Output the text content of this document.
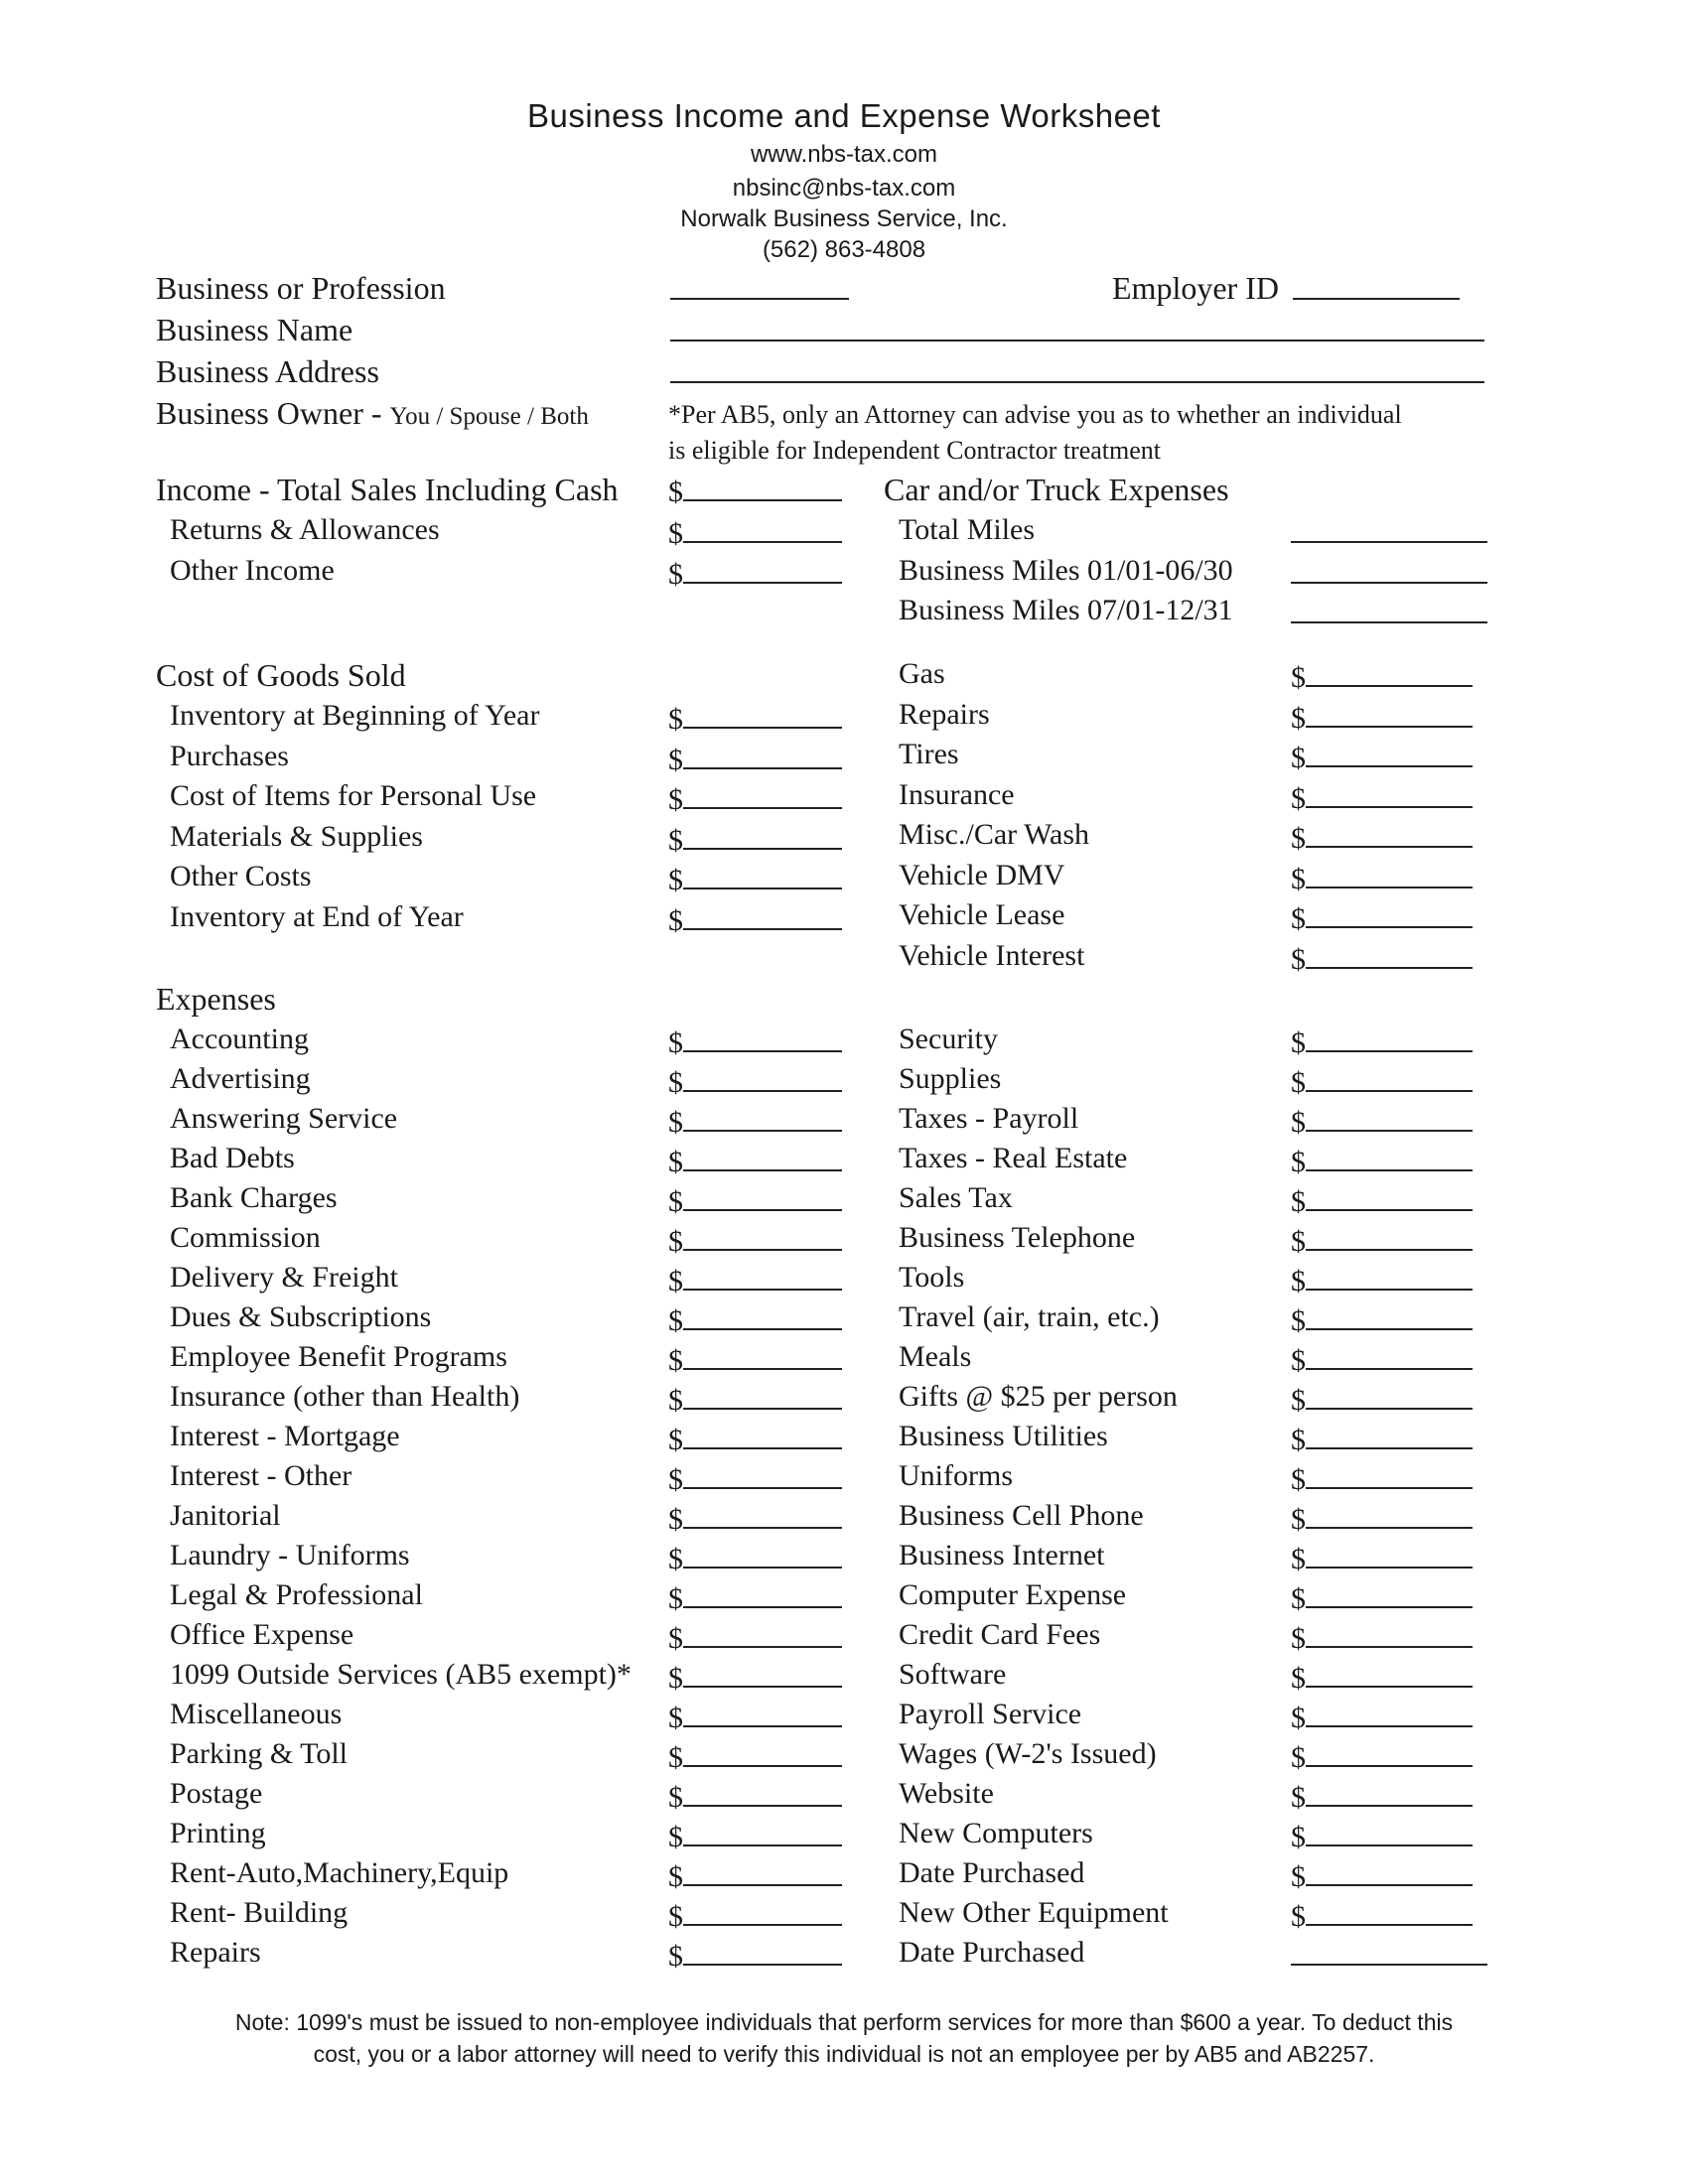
Business Income and Expense Worksheet
www.nbs-tax.com
nbsinc@nbs-tax.com
Norwalk Business Service, Inc.
(562) 863-4808
Business or Profession	Employer ID
Business Name
Business Address
Business Owner - You / Spouse / Both	*Per AB5, only an Attorney can advise you as to whether an individual
is eligible for Independent Contractor treatment
Income - Total Sales Including Cash $
Returns & Allowances	$
Other Income	$
Car and/or Truck Expenses
Total Miles
Business Miles 01/01-06/30
Business Miles 07/01-12/31
Gas	$
Repairs	$
Tires	$
Insurance	$
Misc./Car Wash	$
Vehicle DMV	$
Vehicle Lease	$
Vehicle Interest	$
Cost of Goods Sold
Inventory at Beginning of Year	$
Purchases	$
Cost of Items for Personal Use	$
Materials & Supplies	$
Other Costs	$
Inventory at End of Year	$
Expenses
Accounting	$
Advertising	$
Answering Service	$
Bad Debts	$
Bank Charges	$
Commission	$
Delivery & Freight	$
Dues & Subscriptions	$
Employee Benefit Programs	$
Insurance (other than Health)	$
Interest - Mortgage	$
Interest - Other	$
Janitorial	$
Laundry - Uniforms	$
Legal & Professional	$
Office Expense	$
1099 Outside Services (AB5 exempt)* $
Miscellaneous	$
Parking & Toll	$
Postage	$
Printing	$
Rent-Auto,Machinery,Equip	$
Rent- Building	$
Repairs	$
Security	$
Supplies	$
Taxes - Payroll	$
Taxes - Real Estate	$
Sales Tax	$
Business Telephone	$
Tools	$
Travel (air, train, etc.)	$
Meals	$
Gifts @ $25 per person	$
Business Utilities	$
Uniforms	$
Business Cell Phone	$
Business Internet	$
Computer Expense	$
Credit Card Fees	$
Software	$
Payroll Service	$
Wages (W-2's Issued)	$
Website	$
New Computers	$
Date Purchased	$
New Other Equipment	$
Date Purchased
Note: 1099's must be issued to non-employee individuals that perform services for more than $600 a year. To deduct this
cost, you or a labor attorney will need to verify this individual is not an employee per by AB5 and AB2257.
